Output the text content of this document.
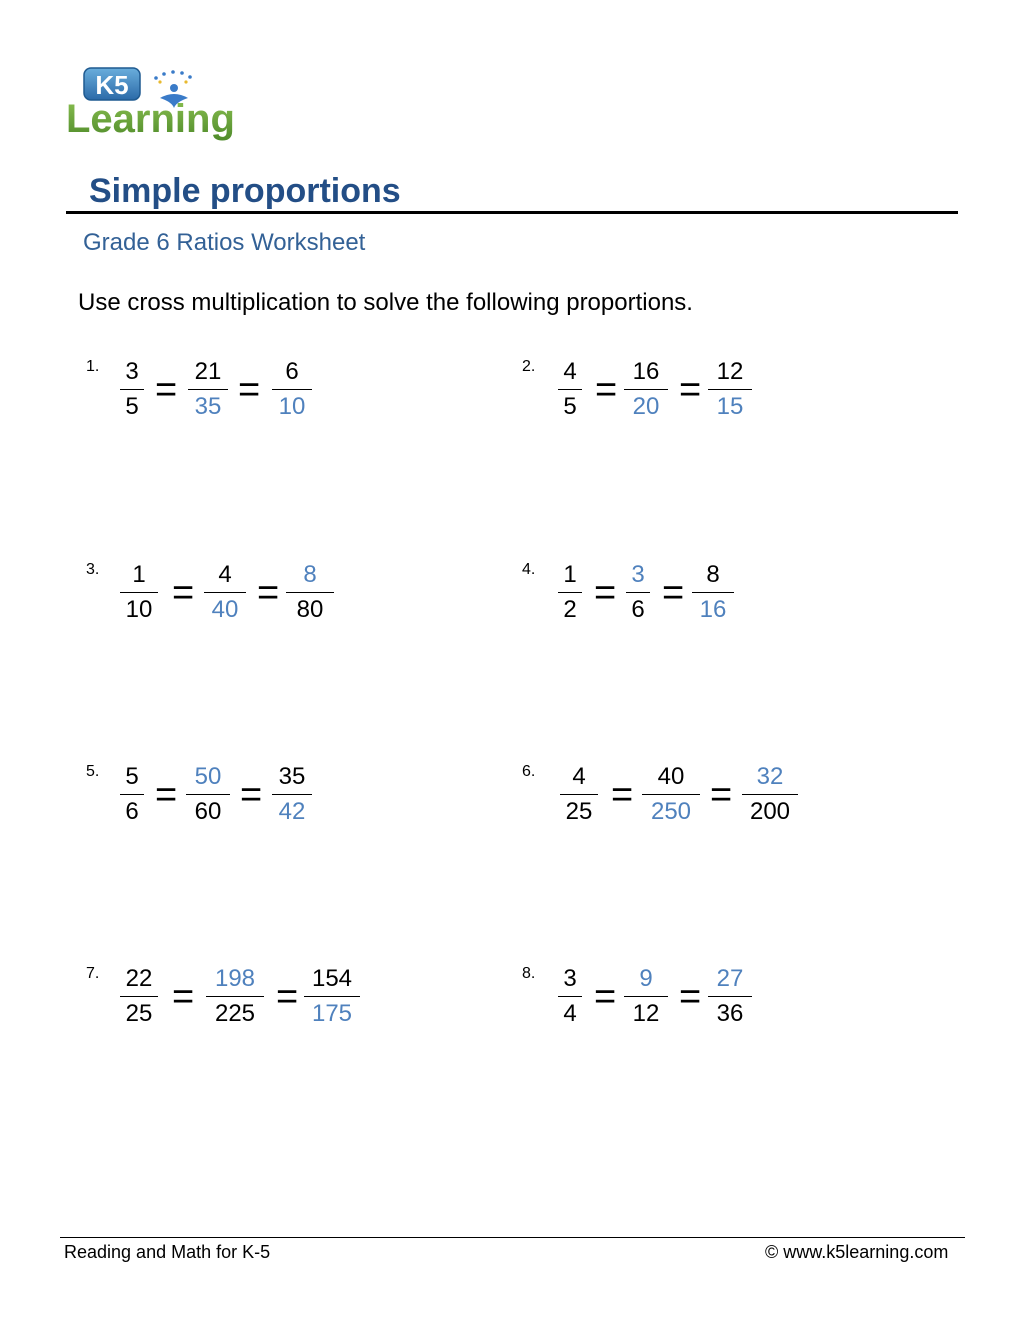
K5
Learning
Simple proportions
Grade 6 Ratios Worksheet
Use cross multiplication to solve the following proportions.
1. 3
5
21
35
6
10
= =
2. 4
5
16
20
12
15
= =
3.	1
10
4
40
8
80
= =
4. 1
2
3
6
8
16
= =
5. 5
6
50
60
35
42
= =
6.	4
25
40
250
32
200
= =
7. 22
25
198
225
154
175
= =
8. 3
4
9
12
27
36
= =
Reading and Math for K-5	© www.k5learning.com
